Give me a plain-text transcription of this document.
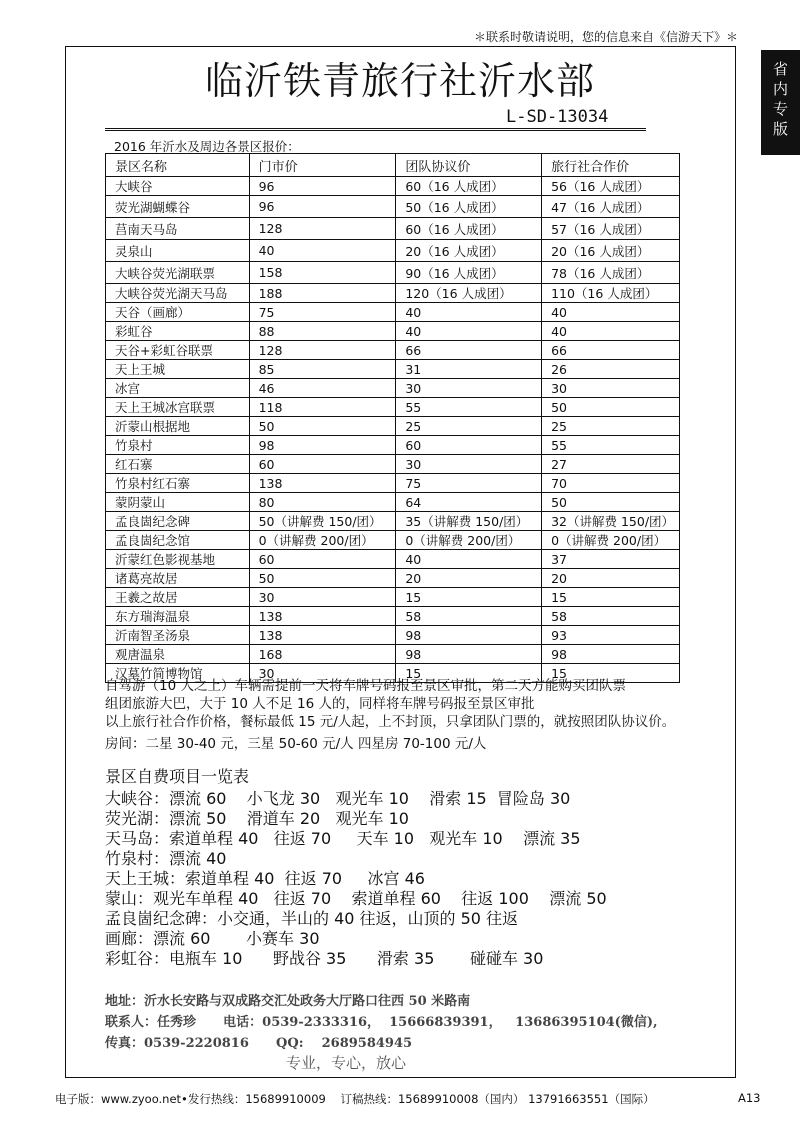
＊联系时敬请说明，您的信息来自《信游天下》＊
省
内
专
版
临沂铁青旅行社沂水部
L-SD-13034
2016 年沂水及周边各景区报价：
景区名称	门市价	团队协议价	旅行社合作价
大峡谷	96	60（16 人成团）	56（16 人成团）
荧光湖蝴蝶谷	96	50（16 人成团）	47（16 人成团）
莒南天马岛	128	60（16 人成团）	57（16 人成团）
灵泉山	40	20（16 人成团）	20（16 人成团）
大峡谷荧光湖联票	158	90（16 人成团）	78（16 人成团）
大峡谷荧光湖天马岛	188	120（16 人成团）	110（16 人成团）
天谷（画廊）	75	40	40
彩虹谷	88	40	40
天谷+彩虹谷联票	128	66	66
天上王城	85	31	26
冰宫	46	30	30
天上王城冰宫联票	118	55	50
沂蒙山根据地	50	25	25
竹泉村	98	60	55
红石寨	60	30	27
竹泉村红石寨	138	75	70
蒙阴蒙山	80	64	50
孟良崮纪念碑	50（讲解费 150/团）	35（讲解费 150/团）	32（讲解费 150/团）
孟良崮纪念馆	0（讲解费 200/团）	0（讲解费 200/团）	0（讲解费 200/团）
沂蒙红色影视基地	60	40	37
诸葛亮故居	50	20	20
王羲之故居	30	15	15
东方瑞海温泉	138	58	58
沂南智圣汤泉	138	98	93
观唐温泉	168	98	98
汉墓竹简博物馆	30	15	15

自驾游（10 人之上）车辆需提前一天将车牌号码报至景区审批，第二天方能购买团队票

组团旅游大巴，大于 10 人不足 16 人的，同样将车牌号码报至景区审批

以上旅行社合作价格，餐标最低 15 元/人起，上不封顶，只拿团队门票的，就按照团队协议价。

房间：二星 30-40 元，三星 50-60 元/人 四星房 70-100 元/人

景区自费项目一览表
大峡谷：漂流 60    小飞龙 30   观光车 10    滑索 15  冒险岛 30
荧光湖：漂流 50    滑道车 20   观光车 10
天马岛：索道单程 40   往返 70     天车 10   观光车 10    漂流 35
竹泉村：漂流 40
天上王城：索道单程 40  往返 70     冰宫 46
蒙山：观光车单程 40   往返 70    索道单程 60    往返 100    漂流 50
孟良崮纪念碑：小交通，半山的 40 往返，山顶的 50 往返
画廊：漂流 60       小赛车 30
彩虹谷：电瓶车 10      野战谷 35      滑索 35       碰碰车 30
地址：沂水长安路与双成路交汇处政务大厅路口往西 50 米路南
联系人：任秀珍      电话：0539-2333316，  15666839391，   13686395104(微信),
传真：0539-2220816      QQ:    2689584945
专业，专心，放心
电子版：www.zyoo.net•发行热线：15689910009    订稿热线：15689910008（国内） 13791663551（国际）	A13
